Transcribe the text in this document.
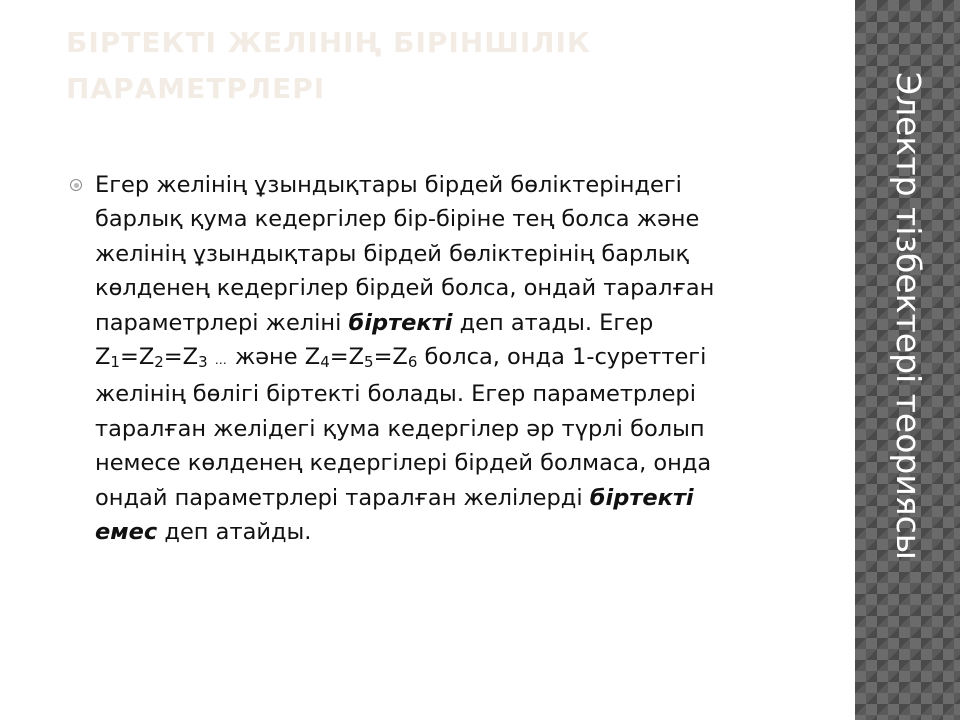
БІРТЕКТІ ЖЕЛІНІҢ БІРІНШІЛІК ПАРАМЕТРЛЕРІ
Егер желінің ұзындықтары бірдей бөліктеріндегі барлық қума кедергілер бір-біріне тең болса және желінің ұзындықтары бірдей бөліктерінің барлық көлденең кедергілер бірдей болса, ондай таралған параметрлері желіні біртекті деп атады. Егер  $Z_1=Z_2=Z_3$ … және $Z_4=Z_5=Z_6$ болса, онда 1-суреттегі желінің бөлігі біртекті болады. Егер параметрлері таралған желідегі қума кедергілер әр түрлі болып немесе көлденең кедергілері бірдей болмаса, онда ондай параметрлері таралған желілерді біртекті емес деп атайды.	Электр тізбектері теориясы
